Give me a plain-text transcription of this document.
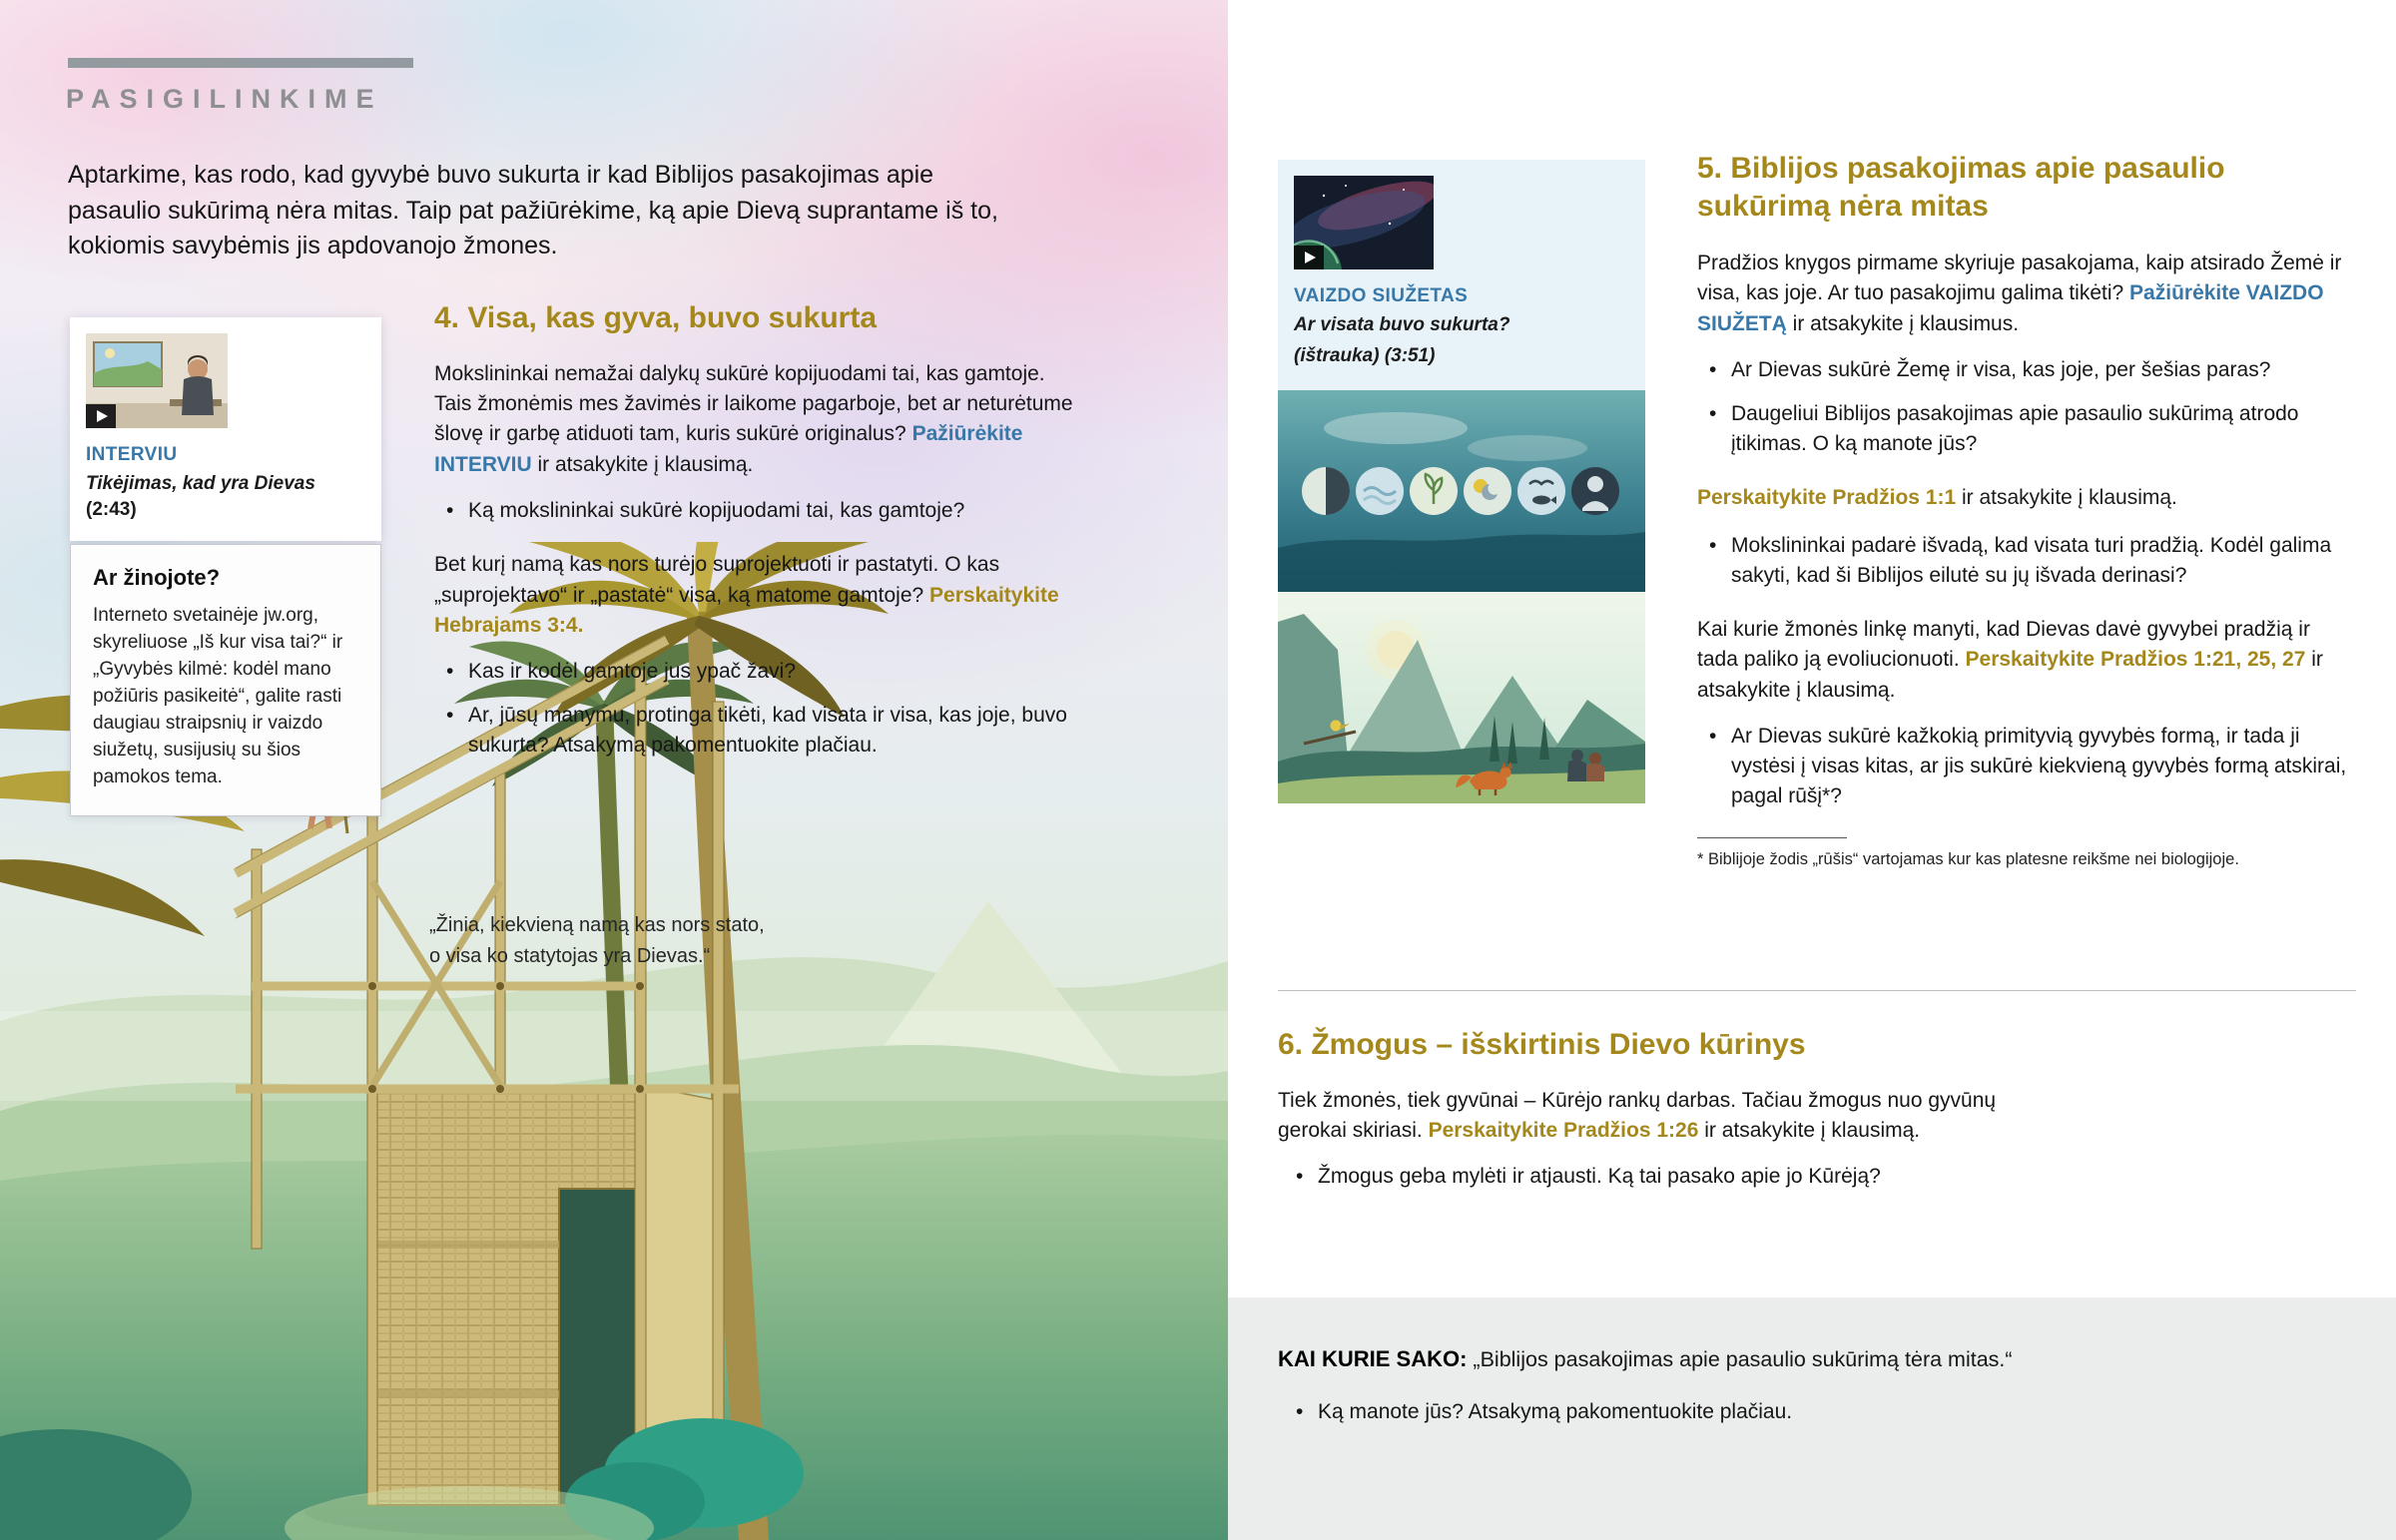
PASIGILINKIME

Aptarkime, kas rodo, kad gyvybė buvo sukurta ir kad Biblijos pasakojimas apie pasaulio sukūrimą nėra mitas. Taip pat pažiūrėkime, ką apie Dievą suprantame iš to, kokiomis savybėmis jis apdovanojo žmones.

INTERVIU
Tikėjimas, kad yra Dievas
(2:43)
Ar žinojote?

Interneto svetainėje jw.org, skyreliuose „Iš kur visa tai?“ ir „Gyvybės kilmė: kodėl mano požiūris pasikeitė“, galite rasti daugiau straipsnių ir vaizdo siužetų, susijusių su šios pamokos tema.

4. Visa, kas gyva, buvo sukurta

Mokslininkai nemažai dalykų sukūrė kopijuodami tai, kas gamtoje. Tais žmonėmis mes žavimės ir laikome pagarboje, bet ar neturėtume šlovę ir garbę atiduoti tam, kuris sukūrė originalus? Pažiūrėkite INTERVIU ir atsakykite į klausimą.

• Ką mokslininkai sukūrė kopijuodami tai, kas gamtoje?

Bet kurį namą kas nors turėjo suprojektuoti ir pastatyti. O kas „suprojektavo“ ir „pastatė“ visa, ką matome gamtoje? Perskaitykite Hebrajams 3:4.

• Kas ir kodėl gamtoje jus ypač žavi?
• Ar, jūsų manymu, protinga tikėti, kad visata ir visa, kas joje, buvo sukurta? Atsakymą pakomentuokite plačiau.
„Žinia, kiekvieną namą kas nors stato,
o visa ko statytojas yra Dievas.“
VAIZDO SIUŽETAS
Ar visata buvo sukurta?
(ištrauka) (3:51)
5. Biblijos pasakojimas apie pasaulio sukūrimą nėra mitas

Pradžios knygos pirmame skyriuje pasakojama, kaip atsirado Žemė ir visa, kas joje. Ar tuo pasakojimu galima tikėti? Pažiūrėkite VAIZDO SIUŽETĄ ir atsakykite į klausimus.

• Ar Dievas sukūrė Žemę ir visa, kas joje, per šešias paras?
• Daugeliui Biblijos pasakojimas apie pasaulio sukūrimą atrodo įtikimas. O ką manote jūs?

Perskaitykite Pradžios 1:1 ir atsakykite į klausimą.

• Mokslininkai padarė išvadą, kad visata turi pradžią. Kodėl galima sakyti, kad ši Biblijos eilutė su jų išvada derinasi?

Kai kurie žmonės linkę manyti, kad Dievas davė gyvybei pradžią ir tada paliko ją evoliucionuoti. Perskaitykite Pradžios 1:21, 25, 27 ir atsakykite į klausimą.

• Ar Dievas sukūrė kažkokią primityvią gyvybės formą, ir tada ji vystėsi į visas kitas, ar jis sukūrė kiekvieną gyvybės formą atskirai, pagal rūšį*?

* Biblijoje žodis „rūšis“ vartojamas kur kas platesne reikšme nei biologijoje.

6. Žmogus – išskirtinis Dievo kūrinys

Tiek žmonės, tiek gyvūnai – Kūrėjo rankų darbas. Tačiau žmogus nuo gyvūnų gerokai skiriasi. Perskaitykite Pradžios 1:26 ir atsakykite į klausimą.

• Žmogus geba mylėti ir atjausti. Ką tai pasako apie jo Kūrėją?

KAI KURIE SAKO: „Biblijos pasakojimas apie pasaulio sukūrimą tėra mitas.“

• Ką manote jūs? Atsakymą pakomentuokite plačiau.
